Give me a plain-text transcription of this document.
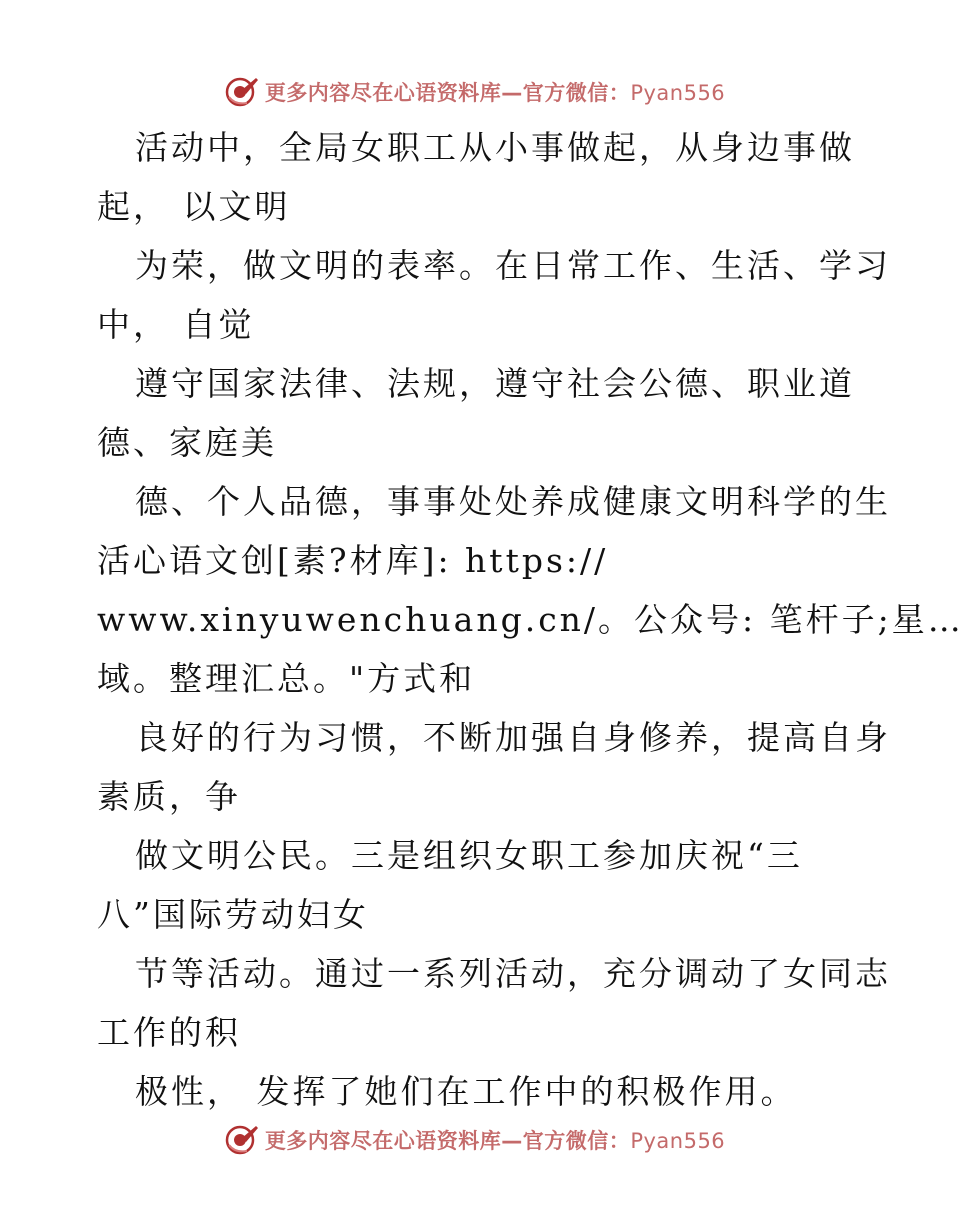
更多内容尽在心语资料库—官方微信：Pyan556
活动中，全局女职工从小事做起，从身边事做
起， 以文明
为荣，做文明的表率。在日常工作、生活、学习
中， 自觉
遵守国家法律、法规，遵守社会公德、职业道
德、家庭美
德、个人品德，事事处处养成健康文明科学的生
活心语文创[素?材库]: https://
www.xinyuwenchuang.cn/。公众号: 笔杆子;星…
域。整理汇总。"方式和
良好的行为习惯，不断加强自身修养，提高自身
素质，争
做文明公民。三是组织女职工参加庆祝“三
八”国际劳动妇女
节等活动。通过一系列活动，充分调动了女同志
工作的积
极性， 发挥了她们在工作中的积极作用。
更多内容尽在心语资料库—官方微信：Pyan556
